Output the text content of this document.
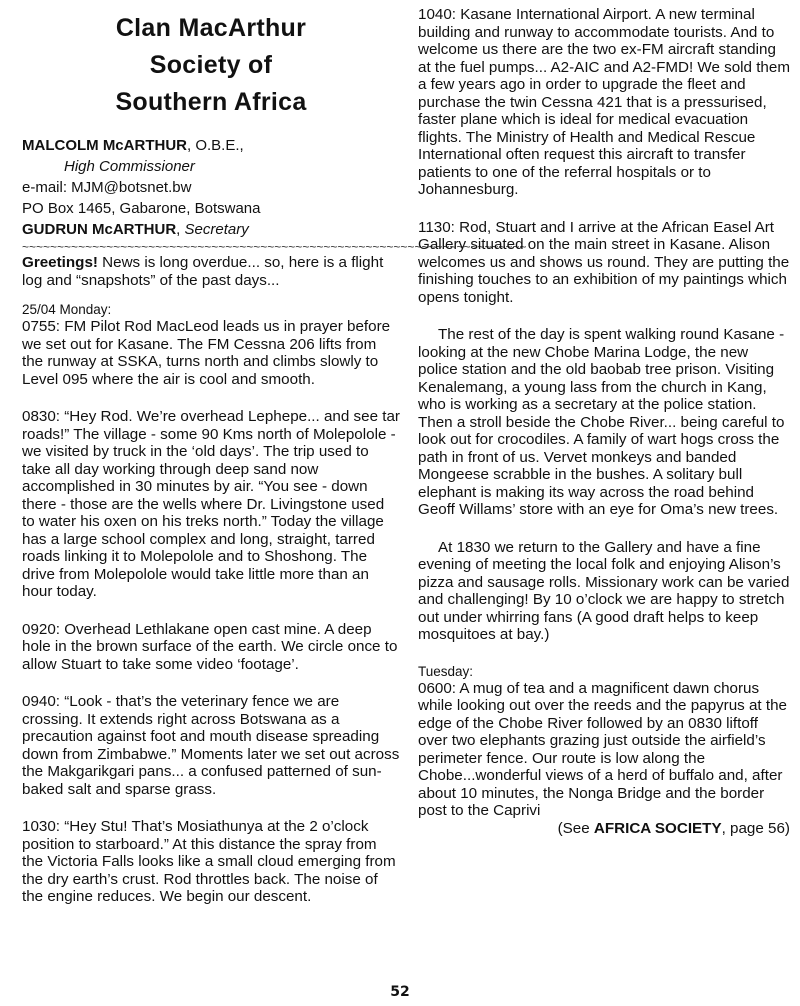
Clan MacArthur
Society of
Southern Africa
MALCOLM McARTHUR, O.B.E.,
High Commissioner
e-mail: MJM@botsnet.bw
PO Box 1465, Gabarone, Botswana
GUDRUN McARTHUR, Secretary
~~~~~~~~~~~~~~~~~~~~~~~~~~~~~~~~~~~~~~~~~~~~~~~~~~~~~~~~~~~~~~~~~~~~~~~~

Greetings! News is long overdue... so, here is a flight log and “snapshots” of the past days...

25/04 Monday:

0755: FM Pilot Rod MacLeod leads us in prayer before we set out for Kasane. The FM Cessna 206 lifts from the runway at SSKA, turns north and climbs slowly to Level 095 where the air is cool and smooth.

0830: “Hey Rod. We’re overhead Lephepe... and see tar roads!” The village - some 90 Kms north of Molepolole - we visited by truck in the ‘old days’. The trip used to take all day working through deep sand now accomplished in 30 minutes by air. “You see - down there - those are the wells where Dr. Livingstone used to water his oxen on his treks north.” Today the village has a large school complex and long, straight, tarred roads linking it to Molepolole and to Shoshong. The drive from Molepolole would take little more than an hour today.

0920: Overhead Lethlakane open cast mine. A deep hole in the brown surface of the earth. We circle once to allow Stuart to take some video ‘footage’.

0940: “Look - that’s the veterinary fence we are crossing. It extends right across Botswana as a precaution against foot and mouth disease spreading down from Zimbabwe.” Moments later we set out across the Makgarikgari pans... a confused patterned of sun-baked salt and sparse grass.

1030: “Hey Stu! That’s Mosiathunya at the 2 o’clock position to starboard.” At this distance the spray from the Victoria Falls looks like a small cloud emerging from the dry earth’s crust. Rod throttles back. The noise of the engine reduces. We begin our descent.

1040: Kasane International Airport. A new terminal building and runway to accommodate tourists. And to welcome us there are the two ex-FM aircraft standing at the fuel pumps... A2-AIC and A2-FMD! We sold them a few years ago in order to upgrade the fleet and purchase the twin Cessna 421 that is a pressurised, faster plane which is ideal for medical evacuation flights. The Ministry of Health and Medical Rescue International often request this aircraft to transfer patients to one of the referral hospitals or to Johannesburg.

1130: Rod, Stuart and I arrive at the African Easel Art Gallery situated on the main street in Kasane. Alison welcomes us and shows us round. They are putting the finishing touches to an exhibition of my paintings which opens tonight.

The rest of the day is spent walking round Kasane - looking at the new Chobe Marina Lodge, the new police station and the old baobab tree prison. Visiting Kenalemang, a young lass from the church in Kang, who is working as a secretary at the police station. Then a stroll beside the Chobe River... being careful to look out for crocodiles. A family of wart hogs cross the path in front of us. Vervet monkeys and banded Mongeese scrabble in the bushes. A solitary bull elephant is making its way across the road behind Geoff Willams’ store with an eye for Oma’s new trees.

At 1830 we return to the Gallery and have a fine evening of meeting the local folk and enjoying Alison’s pizza and sausage rolls. Missionary work can be varied and challenging! By 10 o’clock we are happy to stretch out under whirring fans (A good draft helps to keep mosquitoes at bay.)

Tuesday:

0600: A mug of tea and a magnificent dawn chorus while looking out over the reeds and the papyrus at the edge of the Chobe River followed by an 0830 liftoff over two elephants grazing just outside the airfield’s perimeter fence. Our route is low along the Chobe...wonderful views of a herd of buffalo and, after about 10 minutes, the Nonga Bridge and the border post to the Caprivi

(See AFRICA SOCIETY, page 56)

52
